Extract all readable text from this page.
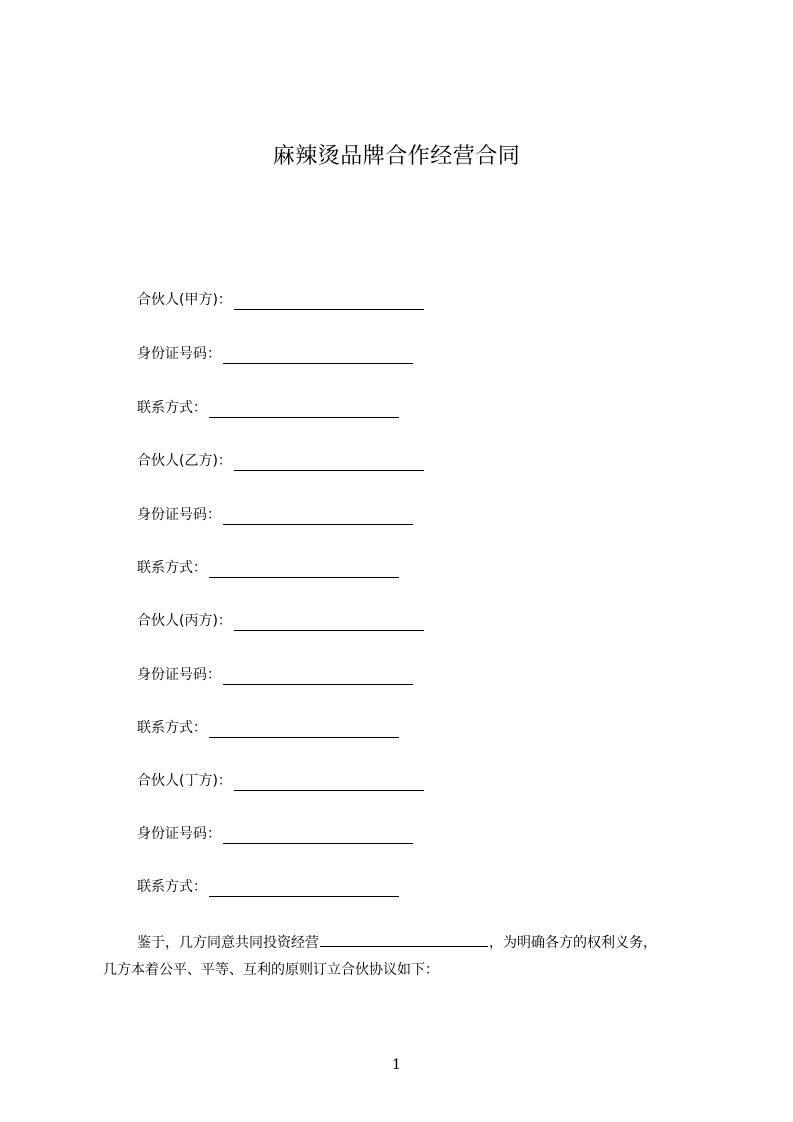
麻辣烫品牌合作经营合同
合伙人(甲方)：
身份证号码：
联系方式：
合伙人(乙方)：
身份证号码：
联系方式：
合伙人(丙方)：
身份证号码：
联系方式：
合伙人(丁方)：
身份证号码：
联系方式：
鉴于，几方同意共同投资经营	，为明确各方的权利义务，
几方本着公平、平等、互利的原则订立合伙协议如下：
1
